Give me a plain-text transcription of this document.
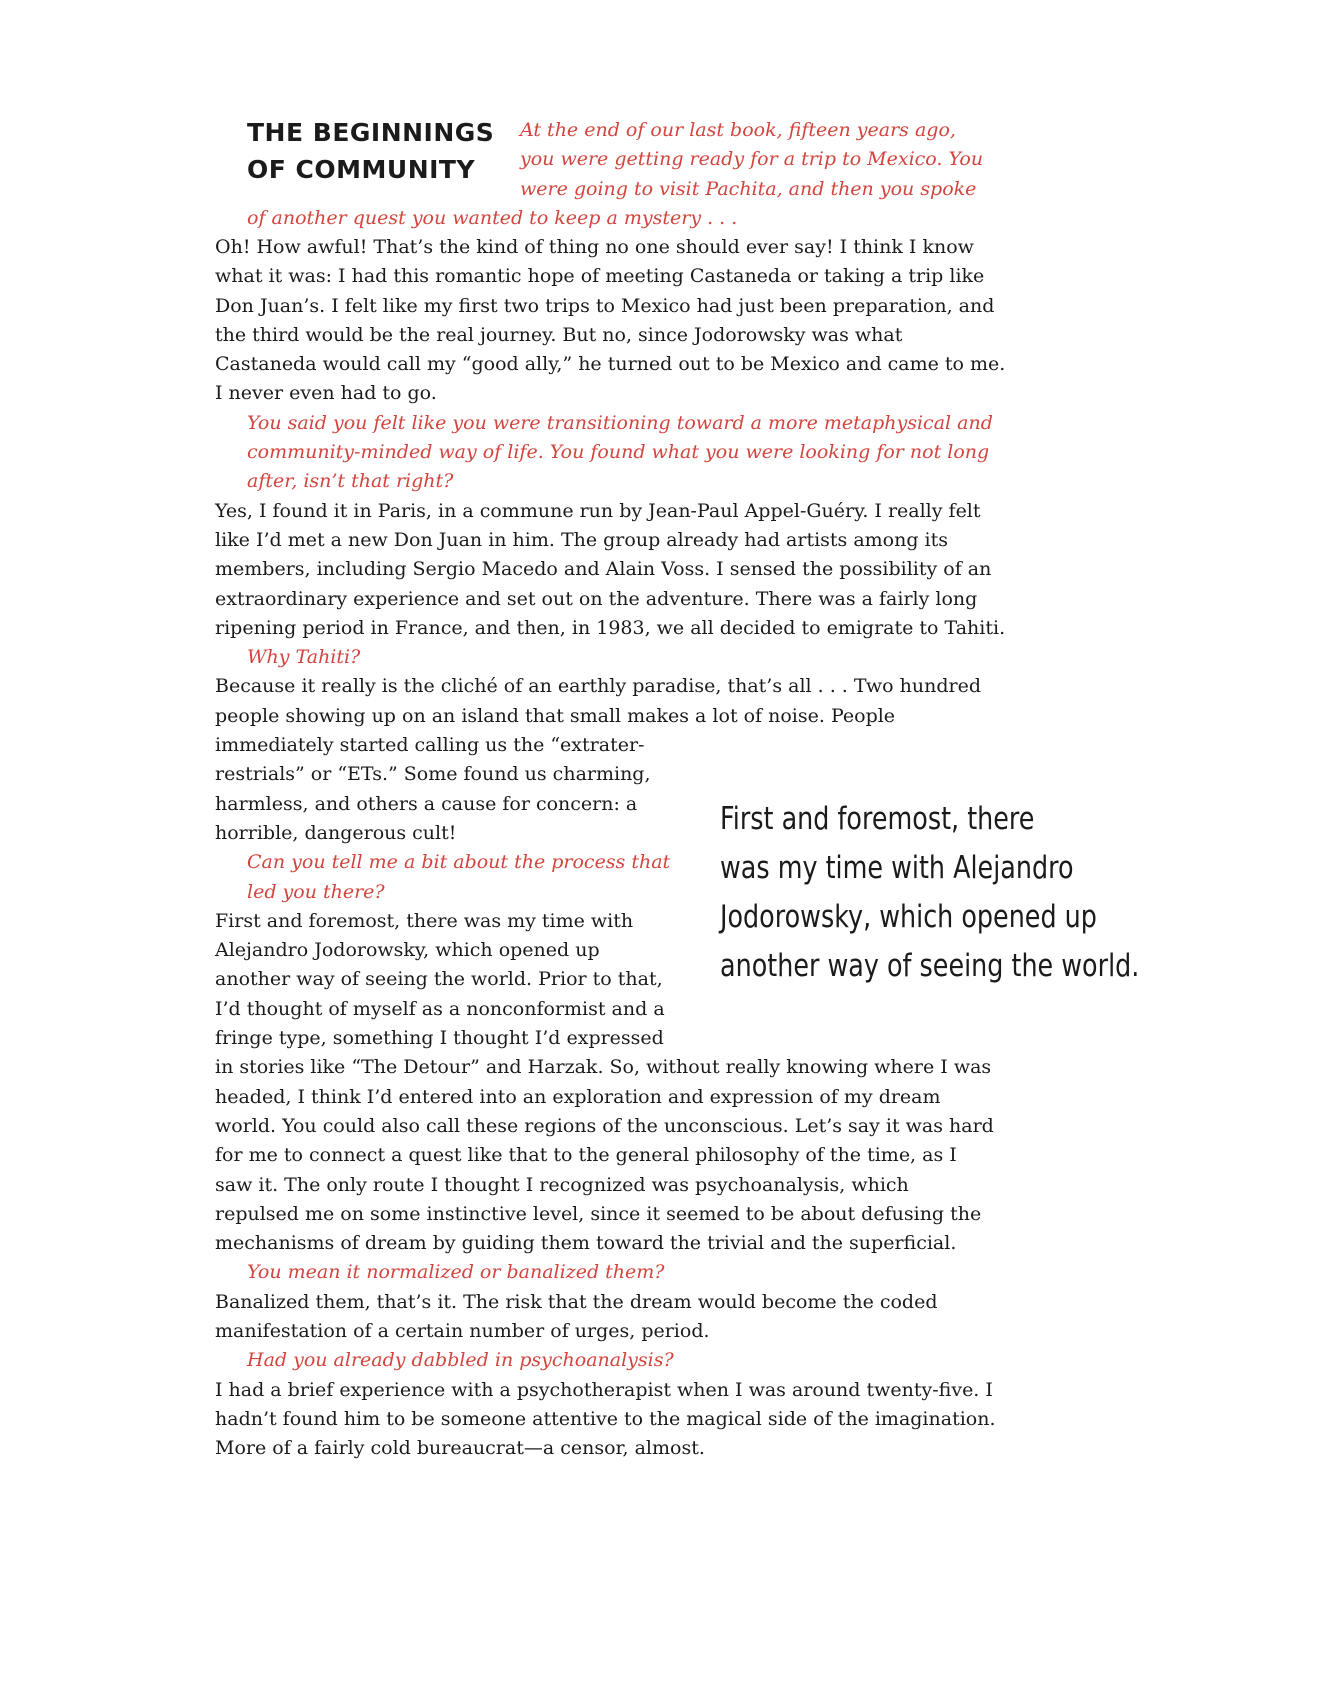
THE BEGINNINGS
OF COMMUNITY

At the end of our last book, fifteen years ago,
you were getting ready for a trip to Mexico. You
were going to visit Pachita, and then you spoke

of another quest you wanted to keep a mystery . . .

Oh! How awful! That’s the kind of thing no one should ever say! I think I know
what it was: I had this romantic hope of meeting Castaneda or taking a trip like
Don Juan’s. I felt like my first two trips to Mexico had just been preparation, and
the third would be the real journey. But no, since Jodorowsky was what
Castaneda would call my “good ally,” he turned out to be Mexico and came to me.
I never even had to go.

You said you felt like you were transitioning toward a more metaphysical and
community-minded way of life. You found what you were looking for not long
after, isn’t that right?

Yes, I found it in Paris, in a commune run by Jean-Paul Appel-Guéry. I really felt
like I’d met a new Don Juan in him. The group already had artists among its
members, including Sergio Macedo and Alain Voss. I sensed the possibility of an
extraordinary experience and set out on the adventure. There was a fairly long
ripening period in France, and then, in 1983, we all decided to emigrate to Tahiti.

Why Tahiti?

Because it really is the cliché of an earthly paradise, that’s all . . . Two hundred
people showing up on an island that small makes a lot of noise. People

immediately started calling us the “extrater-
restrials” or “ETs.” Some found us charming,
harmless, and others a cause for concern: a
horrible, dangerous cult!

Can you tell me a bit about the process that
led you there?

First and foremost, there was my time with
Alejandro Jodorowsky, which opened up
another way of seeing the world. Prior to that,
I’d thought of myself as a nonconformist and a
fringe type, something I thought I’d expressed

in stories like “The Detour” and Harzak. So, without really knowing where I was
headed, I think I’d entered into an exploration and expression of my dream
world. You could also call these regions of the unconscious. Let’s say it was hard
for me to connect a quest like that to the general philosophy of the time, as I
saw it. The only route I thought I recognized was psychoanalysis, which
repulsed me on some instinctive level, since it seemed to be about defusing the
mechanisms of dream by guiding them toward the trivial and the superficial.

You mean it normalized or banalized them?

Banalized them, that’s it. The risk that the dream would become the coded
manifestation of a certain number of urges, period.

Had you already dabbled in psychoanalysis?

I had a brief experience with a psychotherapist when I was around twenty-five. I
hadn’t found him to be someone attentive to the magical side of the imagination.
More of a fairly cold bureaucrat—a censor, almost.

First and foremost, there
was my time with Alejandro
Jodorowsky, which opened up
another way of seeing the world.
